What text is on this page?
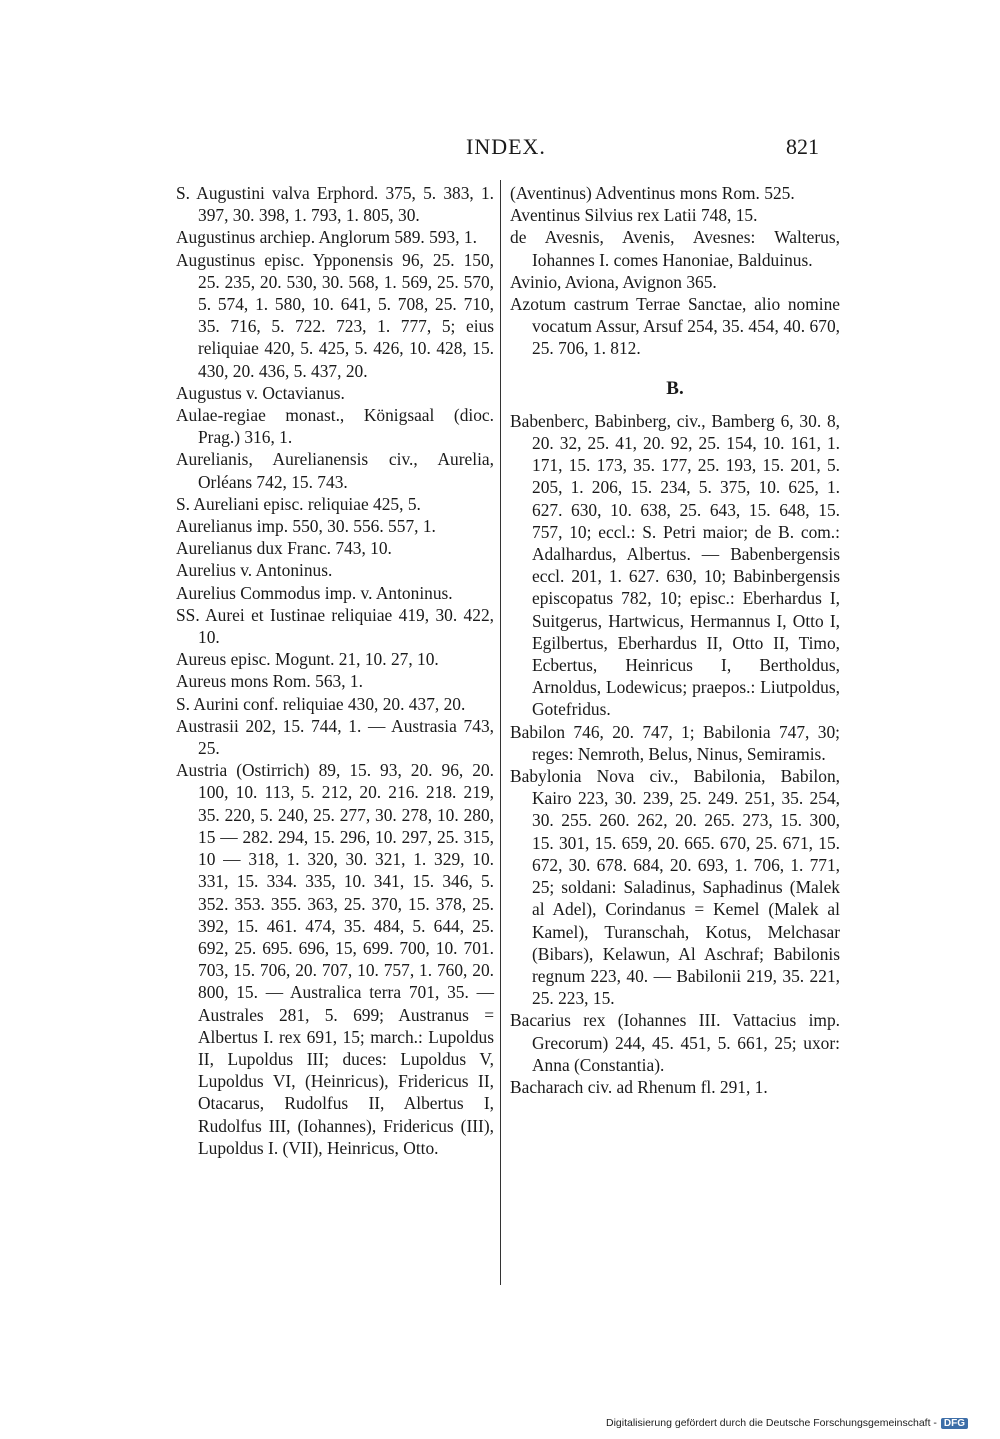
INDEX.	821

S. Augustini valva Erphord. 375, 5. 383, 1. 397, 30. 398, 1. 793, 1. 805, 30.

Augustinus archiep. Anglorum 589. 593, 1.

Augustinus episc. Ypponensis 96, 25. 150, 25. 235, 20. 530, 30. 568, 1. 569, 25. 570, 5. 574, 1. 580, 10. 641, 5. 708, 25. 710, 35. 716, 5. 722. 723, 1. 777, 5; eius reliquiae 420, 5. 425, 5. 426, 10. 428, 15. 430, 20. 436, 5. 437, 20.

Augustus v. Octavianus.

Aulae-regiae monast., Königsaal (dioc. Prag.) 316, 1.

Aurelianis, Aurelianensis civ., Aurelia, Orléans 742, 15. 743.

S. Aureliani episc. reliquiae 425, 5.

Aurelianus imp. 550, 30. 556. 557, 1.

Aurelianus dux Franc. 743, 10.

Aurelius v. Antoninus.

Aurelius Commodus imp. v. Antoninus.

SS. Aurei et Iustinae reliquiae 419, 30. 422, 10.

Aureus episc. Mogunt. 21, 10. 27, 10.

Aureus mons Rom. 563, 1.

S. Aurini conf. reliquiae 430, 20. 437, 20.

Austrasii 202, 15. 744, 1. — Austrasia 743, 25.

Austria (Ostirrich) 89, 15. 93, 20. 96, 20. 100, 10. 113, 5. 212, 20. 216. 218. 219, 35. 220, 5. 240, 25. 277, 30. 278, 10. 280, 15 — 282. 294, 15. 296, 10. 297, 25. 315, 10 — 318, 1. 320, 30. 321, 1. 329, 10. 331, 15. 334. 335, 10. 341, 15. 346, 5. 352. 353. 355. 363, 25. 370, 15. 378, 25. 392, 15. 461. 474, 35. 484, 5. 644, 25. 692, 25. 695. 696, 15, 699. 700, 10. 701. 703, 15. 706, 20. 707, 10. 757, 1. 760, 20. 800, 15. — Australica terra 701, 35. — Australes 281, 5. 699; Austranus = Albertus I. rex 691, 15; march.: Lupoldus II, Lupoldus III; duces: Lupoldus V, Lupoldus VI, (Heinricus), Fridericus II, Otacarus, Rudolfus II, Albertus I, Rudolfus III, (Iohannes), Fridericus (III), Lupoldus I. (VII), Heinricus, Otto.

(Aventinus) Adventinus mons Rom. 525.

Aventinus Silvius rex Latii 748, 15.

de Avesnis, Avenis, Avesnes: Walterus, Iohannes I. comes Hanoniae, Balduinus.

Avinio, Aviona, Avignon 365.

Azotum castrum Terrae Sanctae, alio nomine vocatum Assur, Arsuf 254, 35. 454, 40. 670, 25. 706, 1. 812.

B.

Babenberc, Babinberg, civ., Bamberg 6, 30. 8, 20. 32, 25. 41, 20. 92, 25. 154, 10. 161, 1. 171, 15. 173, 35. 177, 25. 193, 15. 201, 5. 205, 1. 206, 15. 234, 5. 375, 10. 625, 1. 627. 630, 10. 638, 25. 643, 15. 648, 15. 757, 10; eccl.: S. Petri maior; de B. com.: Adalhardus, Albertus. — Babenbergensis eccl. 201, 1. 627. 630, 10; Babinbergensis episcopatus 782, 10; episc.: Eberhardus I, Suitgerus, Hartwicus, Hermannus I, Otto I, Egilbertus, Eberhardus II, Otto II, Timo, Ecbertus, Heinricus I, Bertholdus, Arnoldus, Lodewicus; praepos.: Liutpoldus, Gotefridus.

Babilon 746, 20. 747, 1; Babilonia 747, 30; reges: Nemroth, Belus, Ninus, Semiramis.

Babylonia Nova civ., Babilonia, Babilon, Kairo 223, 30. 239, 25. 249. 251, 35. 254, 30. 255. 260. 262, 20. 265. 273, 15. 300, 15. 301, 15. 659, 20. 665. 670, 25. 671, 15. 672, 30. 678. 684, 20. 693, 1. 706, 1. 771, 25; soldani: Saladinus, Saphadinus (Malek al Adel), Corindanus = Kemel (Malek al Kamel), Turanschah, Kotus, Melchasar (Bibars), Kelawun, Al Aschraf; Babilonis regnum 223, 40. — Babilonii 219, 35. 221, 25. 223, 15.

Bacarius rex (Iohannes III. Vattacius imp. Grecorum) 244, 45. 451, 5. 661, 25; uxor: Anna (Constantia).

Bacharach civ. ad Rhenum fl. 291, 1.

Digitalisierung gefördert durch die Deutsche Forschungsgemeinschaft - DFG
